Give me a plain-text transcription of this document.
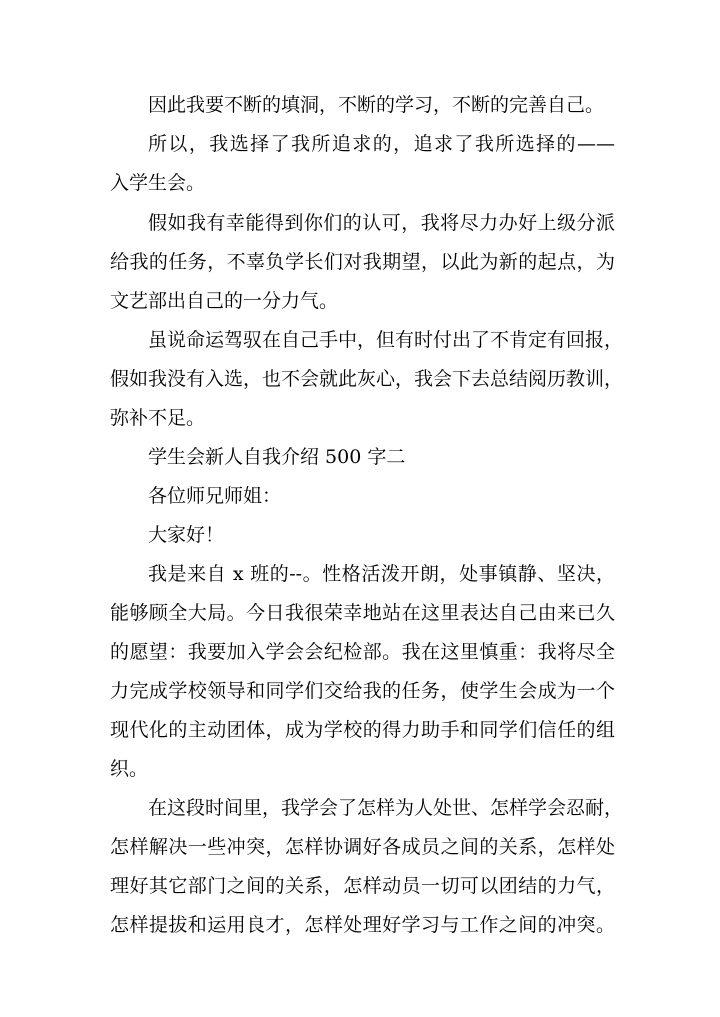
因此我要不断的填洞，不断的学习，不断的完善自己。
所以，我选择了我所追求的，追求了我所选择的——
入学生会。
假如我有幸能得到你们的认可，我将尽力办好上级分派
给我的任务，不辜负学长们对我期望，以此为新的起点，为
文艺部出自己的一分力气。
虽说命运驾驭在自己手中，但有时付出了不肯定有回报，
假如我没有入选，也不会就此灰心，我会下去总结阅历教训，
弥补不足。
学生会新人自我介绍 500 字二
各位师兄师姐：
大家好！
我是来自 x 班的--。性格活泼开朗，处事镇静、坚决，
能够顾全大局。今日我很荣幸地站在这里表达自己由来已久
的愿望：我要加入学会会纪检部。我在这里慎重：我将尽全
力完成学校领导和同学们交给我的任务，使学生会成为一个
现代化的主动团体，成为学校的得力助手和同学们信任的组
织。
在这段时间里，我学会了怎样为人处世、怎样学会忍耐，
怎样解决一些冲突，怎样协调好各成员之间的关系，怎样处
理好其它部门之间的关系，怎样动员一切可以团结的力气，
怎样提拔和运用良才，怎样处理好学习与工作之间的冲突。
